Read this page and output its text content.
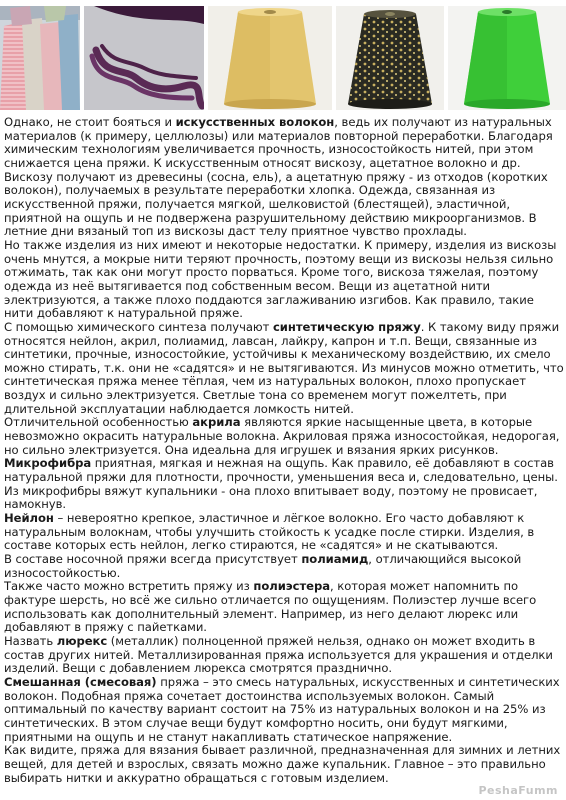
Однако, не стоит бояться и искусственных волокон, ведь их получают из натуральных материалов (к примеру, целлюлозы) или материалов повторной переработки. Благодаря химическим технологиям увеличивается прочность, износостойкость нитей, при этом снижается цена пряжи. К искусственным относят вискозу, ацетатное волокно и др. Вискозу получают из древесины (сосна, ель), а ацетатную пряжу - из отходов (коротких волокон), получаемых в результате переработки хлопка. Одежда, связанная из искусственной пряжи, получается мягкой, шелковистой (блестящей), эластичной, приятной на ощупь и не подвержена разрушительному действию микроорганизмов. В летние дни вязаный топ из вискозы даст телу приятное чувство прохлады.

Но также изделия из них имеют и некоторые недостатки. К примеру, изделия из вискозы очень мнутся, а мокрые нити теряют прочность, поэтому вещи из вискозы нельзя сильно отжимать, так как они могут просто порваться. Кроме того, вискоза тяжелая, поэтому одежда из неё вытягивается под собственным весом. Вещи из ацетатной нити электризуются, а также плохо поддаются заглаживанию изгибов. Как правило, такие нити добавляют к натуральной пряже.

С помощью химического синтеза получают синтетическую пряжу. К такому виду пряжи относятся нейлон, акрил, полиамид, лавсан, лайкру, капрон и т.п. Вещи, связанные из синтетики, прочные, износостойкие, устойчивы к механическому воздействию, их смело можно стирать, т.к. они не «садятся» и не вытягиваются. Из минусов можно отметить, что синтетическая пряжа менее тёплая, чем из натуральных волокон, плохо пропускает воздух и сильно электризуется. Светлые тона со временем могут пожелтеть, при длительной эксплуатации наблюдается ломкость нитей.

Отличительной особенностью акрила являются яркие насыщенные цвета, в которые невозможно окрасить натуральные волокна. Акриловая пряжа износостойкая, недорогая, но сильно электризуется. Она идеальна для игрушек и вязания ярких рисунков.

Микрофибра приятная, мягкая и нежная на ощупь. Как правило, её добавляют в состав натуральной пряжи для плотности, прочности, уменьшения веса и, следовательно, цены. Из микрофибры вяжут купальники - она плохо впитывает воду, поэтому не провисает, намокнув.

Нейлон – невероятно крепкое, эластичное и лёгкое волокно. Его часто добавляют к натуральным волокнам, чтобы улучшить стойкость к усадке после стирки. Изделия, в составе которых есть нейлон, легко стираются, не «садятся» и не скатываются.

В составе носочной пряжи всегда присутствует полиамид, отличающийся высокой износостойкостью.

Также часто можно встретить пряжу из полиэстера, которая может напомнить по фактуре шерсть, но всё же сильно отличается по ощущениям. Полиэстер лучше всего использовать как дополнительный элемент. Например, из него делают люрекс или добавляют в пряжу с пайетками.

Назвать люрекс (металлик) полноценной пряжей нельзя, однако он может входить в состав других нитей. Металлизированная пряжа используется для украшения и отделки изделий. Вещи с добавлением люрекса смотрятся празднично.

Смешанная (смесовая) пряжа – это смесь натуральных, искусственных и синтетических волокон. Подобная пряжа сочетает достоинства используемых волокон. Самый оптимальный по качеству вариант состоит на 75% из натуральных волокон и на 25% из синтетических. В этом случае вещи будут комфортно носить, они будут мягкими, приятными на ощупь и не станут накапливать статическое напряжение.

Как видите, пряжа для вязания бывает различной, предназначенная для зимних и летних вещей, для детей и взрослых, связать можно даже купальник. Главное – это правильно выбирать нитки и аккуратно обращаться с готовым изделием.

PeshaFumm
